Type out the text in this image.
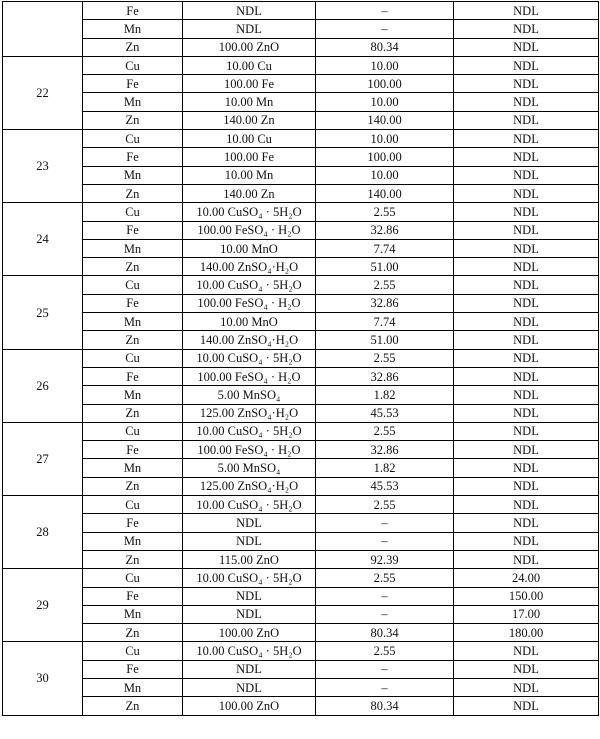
	Fe	NDL	–	NDL
	Mn	NDL	–	NDL
	Zn	100.00 ZnO	80.34	NDL
22	Cu	10.00 Cu	10.00	NDL
	Fe	100.00 Fe	100.00	NDL
	Mn	10.00 Mn	10.00	NDL
	Zn	140.00 Zn	140.00	NDL
23	Cu	10.00 Cu	10.00	NDL
	Fe	100.00 Fe	100.00	NDL
	Mn	10.00 Mn	10.00	NDL
	Zn	140.00 Zn	140.00	NDL
24	Cu	10.00 CuSO₄ · 5H₂O	2.55	NDL
	Fe	100.00 FeSO₄ · H₂O	32.86	NDL
	Mn	10.00 MnO	7.74	NDL
	Zn	140.00 ZnSO₄·H₂O	51.00	NDL
25	Cu	10.00 CuSO₄ · 5H₂O	2.55	NDL
	Fe	100.00 FeSO₄ · H₂O	32.86	NDL
	Mn	10.00 MnO	7.74	NDL
	Zn	140.00 ZnSO₄·H₂O	51.00	NDL
26	Cu	10.00 CuSO₄ · 5H₂O	2.55	NDL
	Fe	100.00 FeSO₄ · H₂O	32.86	NDL
	Mn	5.00 MnSO₄	1.82	NDL
	Zn	125.00 ZnSO₄·H₂O	45.53	NDL
27	Cu	10.00 CuSO₄ · 5H₂O	2.55	NDL
	Fe	100.00 FeSO₄ · H₂O	32.86	NDL
	Mn	5.00 MnSO₄	1.82	NDL
	Zn	125.00 ZnSO₄·H₂O	45.53	NDL
28	Cu	10.00 CuSO₄ · 5H₂O	2.55	NDL
	Fe	NDL	–	NDL
	Mn	NDL	–	NDL
	Zn	115.00 ZnO	92.39	NDL
29	Cu	10.00 CuSO₄ · 5H₂O	2.55	24.00
	Fe	NDL	–	150.00
	Mn	NDL	–	17.00
	Zn	100.00 ZnO	80.34	180.00
30	Cu	10.00 CuSO₄ · 5H₂O	2.55	NDL
	Fe	NDL	–	NDL
	Mn	NDL	–	NDL
	Zn	100.00 ZnO	80.34	NDL
